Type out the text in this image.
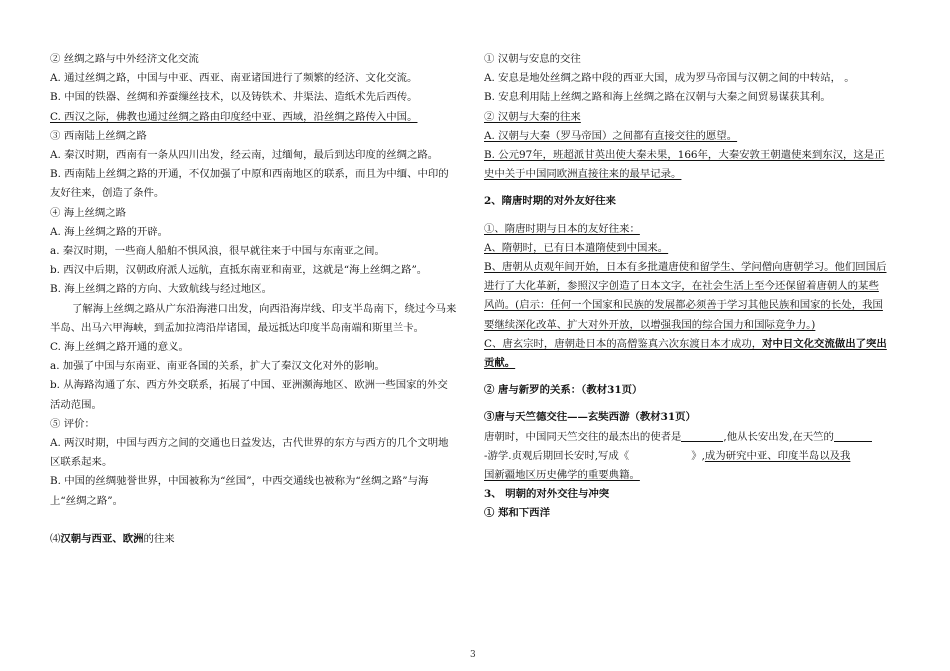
② 丝绸之路与中外经济文化交流
A. 通过丝绸之路，中国与中亚、西亚、南亚诸国进行了频繁的经济、文化交流。
B. 中国的铁器、丝绸和养蚕缫丝技术，以及铸铁术、井渠法、造纸术先后西传。
C. 西汉之际，佛教也通过丝绸之路由印度经中亚、西域，沿丝绸之路传入中国。
③ 西南陆上丝绸之路
A. 秦汉时期，西南有一条从四川出发，经云南，过缅甸，最后到达印度的丝绸之路。
B. 西南陆上丝绸之路的开通，不仅加强了中原和西南地区的联系，而且为中缅、中印的
友好往来，创造了条件。
④ 海上丝绸之路
A. 海上丝绸之路的开辟。
a. 秦汉时期，一些商人船舶不惧风浪，很早就往来于中国与东南亚之间。
b. 西汉中后期，汉朝政府派人远航，直抵东南亚和南亚，这就是“海上丝绸之路”。
B. 海上丝绸之路的方向、大致航线与经过地区。
了解海上丝绸之路从广东沿海港口出发，向西沿海岸线、印支半岛南下，绕过今马来
半岛、出马六甲海峡，到孟加拉湾沿岸诸国，最远抵达印度半岛南端和斯里兰卡。
C. 海上丝绸之路开通的意义。
a. 加强了中国与东南亚、南亚各国的关系，扩大了秦汉文化对外的影响。
b. 从海路沟通了东、西方外交联系，拓展了中国、亚洲濒海地区、欧洲一些国家的外交
活动范围。
⑤ 评价：
A. 两汉时期，中国与西方之间的交通也日益发达，古代世界的东方与西方的几个文明地
区联系起来。
B. 中国的丝绸驰誉世界，中国被称为“丝国”，中西交通线也被称为“丝绸之路”与海
上“丝绸之路”。
⑷汉朝与西亚、欧洲的往来
① 汉朝与安息的交往
A. 安息是地处丝绸之路中段的西亚大国，成为罗马帝国与汉朝之间的中转站， 。
B. 安息利用陆上丝绸之路和海上丝绸之路在汉朝与大秦之间贸易谋获其利。
② 汉朝与大秦的往来
A. 汉朝与大秦（罗马帝国）之间都有直接交往的愿望。
B. 公元97年，班超派甘英出使大秦未果，166年，大秦安敦王朝遣使来到东汉，这是正
史中关于中国同欧洲直接往来的最早记录。
2、隋唐时期的对外友好往来
①、隋唐时期与日本的友好往来：
A、隋朝时，已有日本遣隋使到中国来。
B、唐朝从贞观年间开始，日本有多批遣唐使和留学生、学问僧向唐朝学习。他们回国后
进行了大化革新，参照汉字创造了日本文字，在社会生活上至今还保留着唐朝人的某些
风尚。(启示：任何一个国家和民族的发展都必须善于学习其他民族和国家的长处，我国
要继续深化改革、扩大对外开放，以增强我国的综合国力和国际竞争力。)
C、唐玄宗时，唐朝赴日本的高僧鉴真六次东渡日本才成功，对中日文化交流做出了突出
贡献。
② 唐与新罗的关系：（教材31页）
③唐与天竺德交往——玄奘西游（教材31页）
唐朝时，中国同天竺交往的最杰出的使者是	,他从长安出发,在天竺的
-游学.贞观后期回长安时,写成《	》,成为研究中亚、印度半岛以及我
国新疆地区历史佛学的重要典籍。
3、 明朝的对外交往与冲突
① 郑和下西洋
3
